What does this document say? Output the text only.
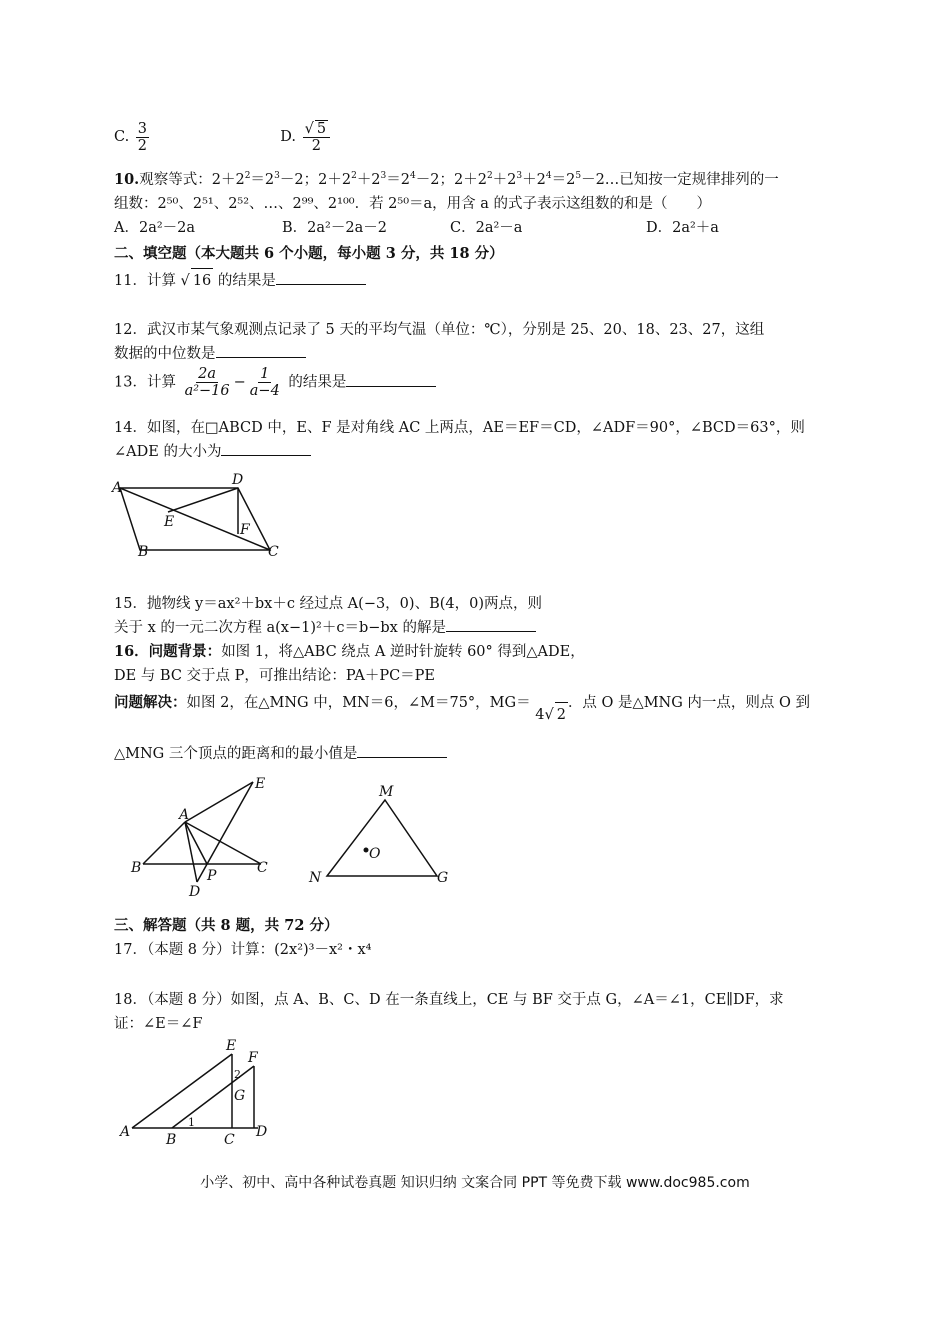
C. $\frac{3}{2}$	D. $\frac{√ 5}{2}$
10.观察等式：$2+2^2=2^3-2$；$2+2^2+2^3=2^4-2$；$2+2^2+2^3+2^4=2^5-2\dots$已知按一定规律排列的一
组数：2⁵⁰、2⁵¹、2⁵²、…、2⁹⁹、2¹⁰⁰．若 2⁵⁰＝a，用含 a 的式子表示这组数的和是（　　）
A．2a²－2a	B．2a²－2a－2	C．2a²－a	D．2a²＋a
二、填空题（本大题共 6 个小题，每小题 3 分，共 18 分）
11．计算 √ 16 的结果是
12．武汉市某气象观测点记录了 5 天的平均气温（单位：℃），分别是 25、20、18、23、27，这组
数据的中位数是
13．计算 $\frac{2a}{\text{a²−16}} - \frac{1}{a-4}$ 的结果是
14．如图，在□ABCD 中，E、F 是对角线 AC 上两点，AE＝EF＝CD，∠ADF＝90°，∠BCD＝63°，则
∠ADE 的大小为
A	D
E	F
B	C
15．抛物线 y＝ax²＋bx＋c 经过点 A(−3，0)、B(4，0)两点，则
关于 x 的一元二次方程 a(x−1)²＋c＝b−bx 的解是
16．问题背景：如图 1，将△ABC 绕点 A 逆时针旋转 60° 得到△ADE，
DE 与 BC 交于点 P，可推出结论：PA＋PC＝PE
问题解决：如图 2，在△MNG 中，MN＝6，∠M＝75°，MG＝ 4√ 2．点 O 是△MNG 内一点，则点 O 到
△MNG 三个顶点的距离和的最小值是
A
B	C
D
E
P
M
N	G
O
三、解答题（共 8 题，共 72 分）
17．（本题 8 分）计算：(2x²)³－x²・x⁴
18．（本题 8 分）如图，点 A、B、C、D 在一条直线上，CE 与 BF 交于点 G，∠A＝∠1，CE∥DF，求
证：∠E＝∠F
A	B	C D
E
F
G
1
2
小学、初中、高中各种试卷真题 知识归纳 文案合同 PPT 等免费下载 www.doc985.com
